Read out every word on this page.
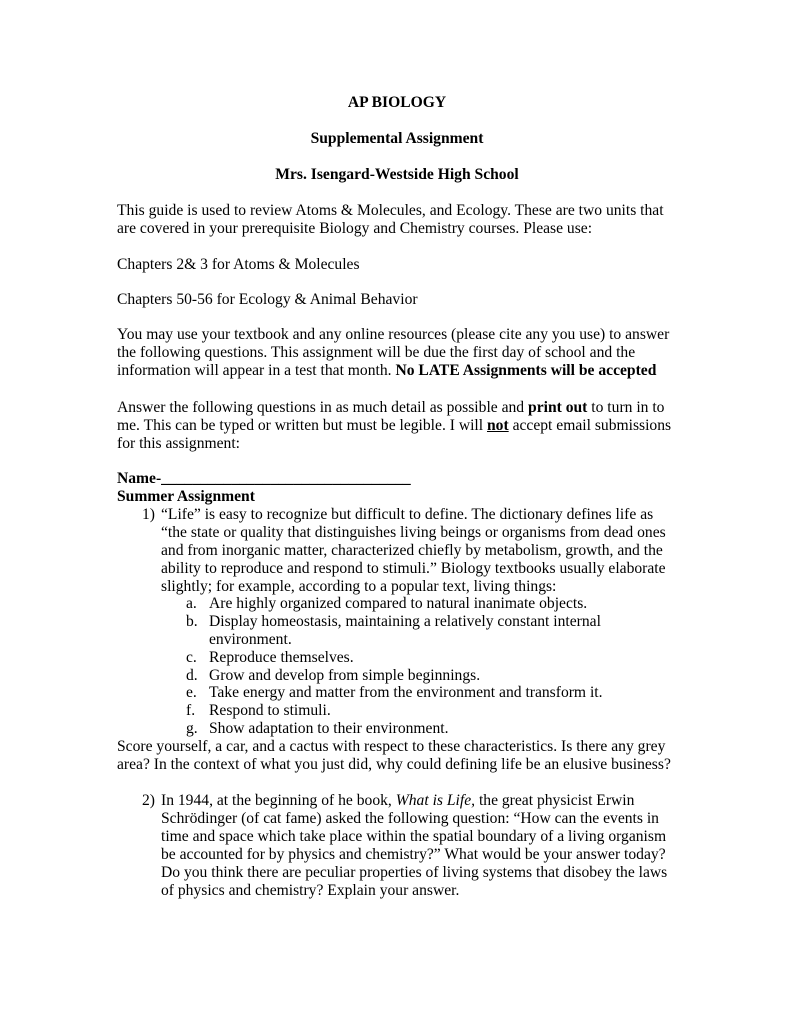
AP BIOLOGY

Supplemental Assignment

Mrs. Isengard-Westside High School

This guide is used to review Atoms & Molecules, and Ecology. These are two units that are covered in your prerequisite Biology and Chemistry courses. Please use:

Chapters 2& 3 for Atoms & Molecules

Chapters 50-56 for Ecology & Animal Behavior

You may use your textbook and any online resources (please cite any you use) to answer the following questions. This assignment will be due the first day of school and the information will appear in a test that month. No LATE Assignments will be accepted

Answer the following questions in as much detail as possible and print out to turn in to me. This can be typed or written but must be legible. I will not accept email submissions for this assignment:

Name-________________________________

Summer Assignment

1) “Life” is easy to recognize but difficult to define. The dictionary defines life as “the state or quality that distinguishes living beings or organisms from dead ones and from inorganic matter, characterized chiefly by metabolism, growth, and the ability to reproduce and respond to stimuli.” Biology textbooks usually elaborate slightly; for example, according to a popular text, living things:

a. Are highly organized compared to natural inanimate objects.
b. Display homeostasis, maintaining a relatively constant internal environment.
c. Reproduce themselves.
d. Grow and develop from simple beginnings.
e. Take energy and matter from the environment and transform it.
f. Respond to stimuli.
g. Show adaptation to their environment.

Score yourself, a car, and a cactus with respect to these characteristics. Is there any grey area? In the context of what you just did, why could defining life be an elusive business?

2) In 1944, at the beginning of he book, What is Life, the great physicist Erwin Schrödinger (of cat fame) asked the following question: “How can the events in time and space which take place within the spatial boundary of a living organism be accounted for by physics and chemistry?” What would be your answer today? Do you think there are peculiar properties of living systems that disobey the laws of physics and chemistry? Explain your answer.
